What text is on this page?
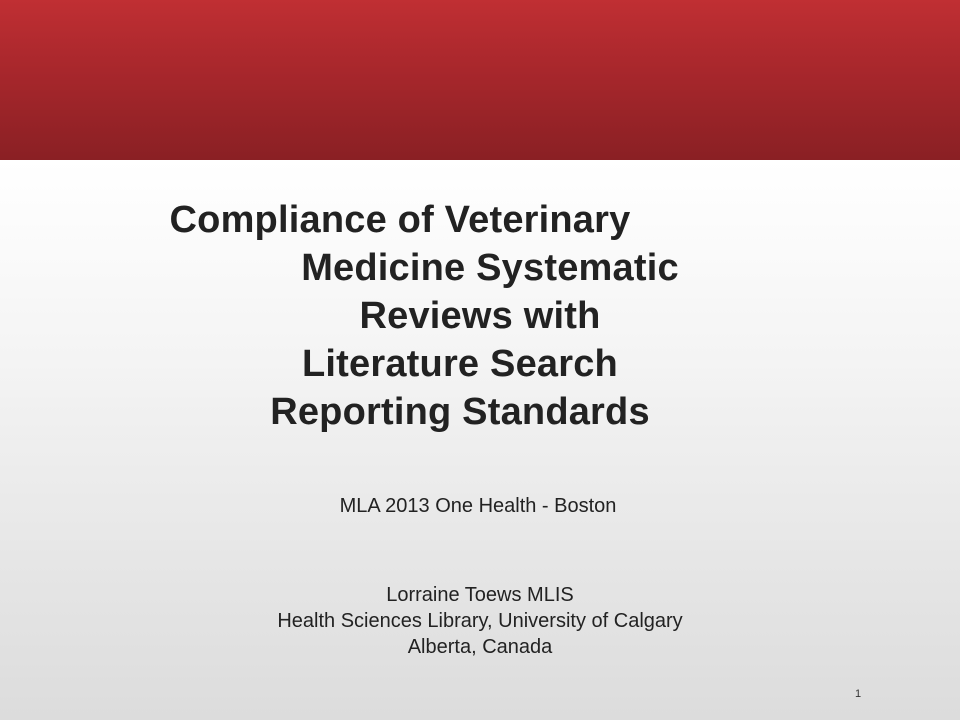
Compliance of Veterinary
Medicine Systematic
Reviews with
Literature Search
Reporting Standards
MLA 2013 One Health - Boston
Lorraine Toews MLIS
Health Sciences Library, University of Calgary
Alberta, Canada
1
